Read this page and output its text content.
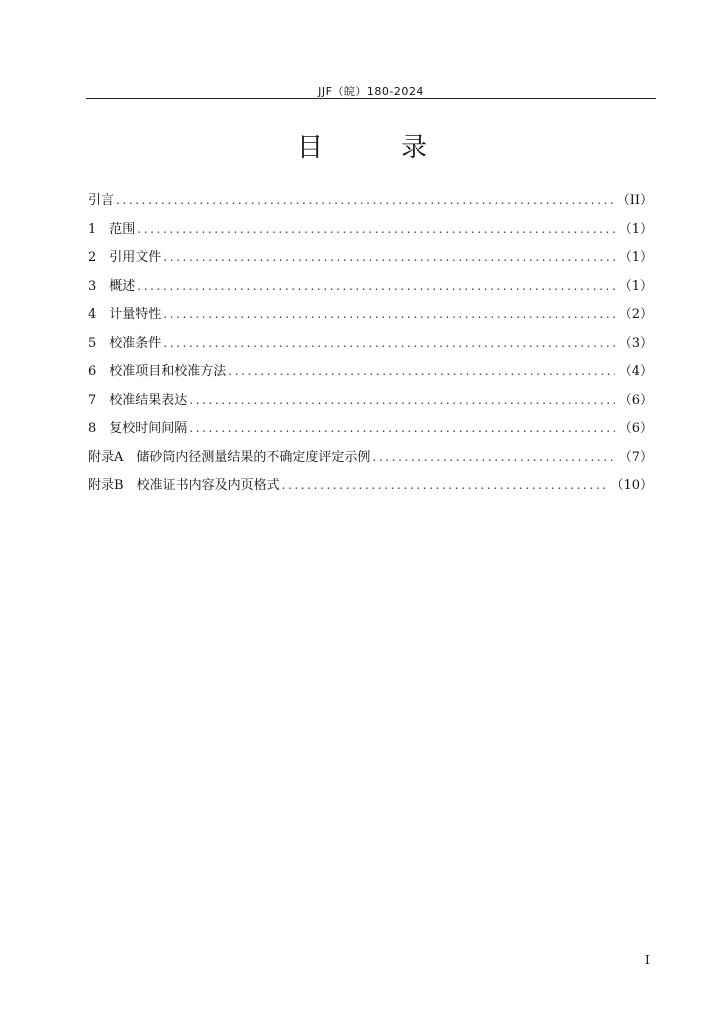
JJF（皖）180-2024
目　录
引言 .....	（II）
1　 范围 .....	（1）
2　 引用文件 .....	（1）
3　 概述 .....	（1）
4　 计量特性 .....	（2）
5　 校准条件 .....	（3）
6　 校准项目和校准方法 .....	（4）
7　 校准结果表达 .....	（6）
8　 复校时间间隔 .....	（6）
附录A　 储砂筒内径测量结果的不确定度评定示例 .....	（7）
附录B　 校准证书内容及内页格式 .....	（10）
I
